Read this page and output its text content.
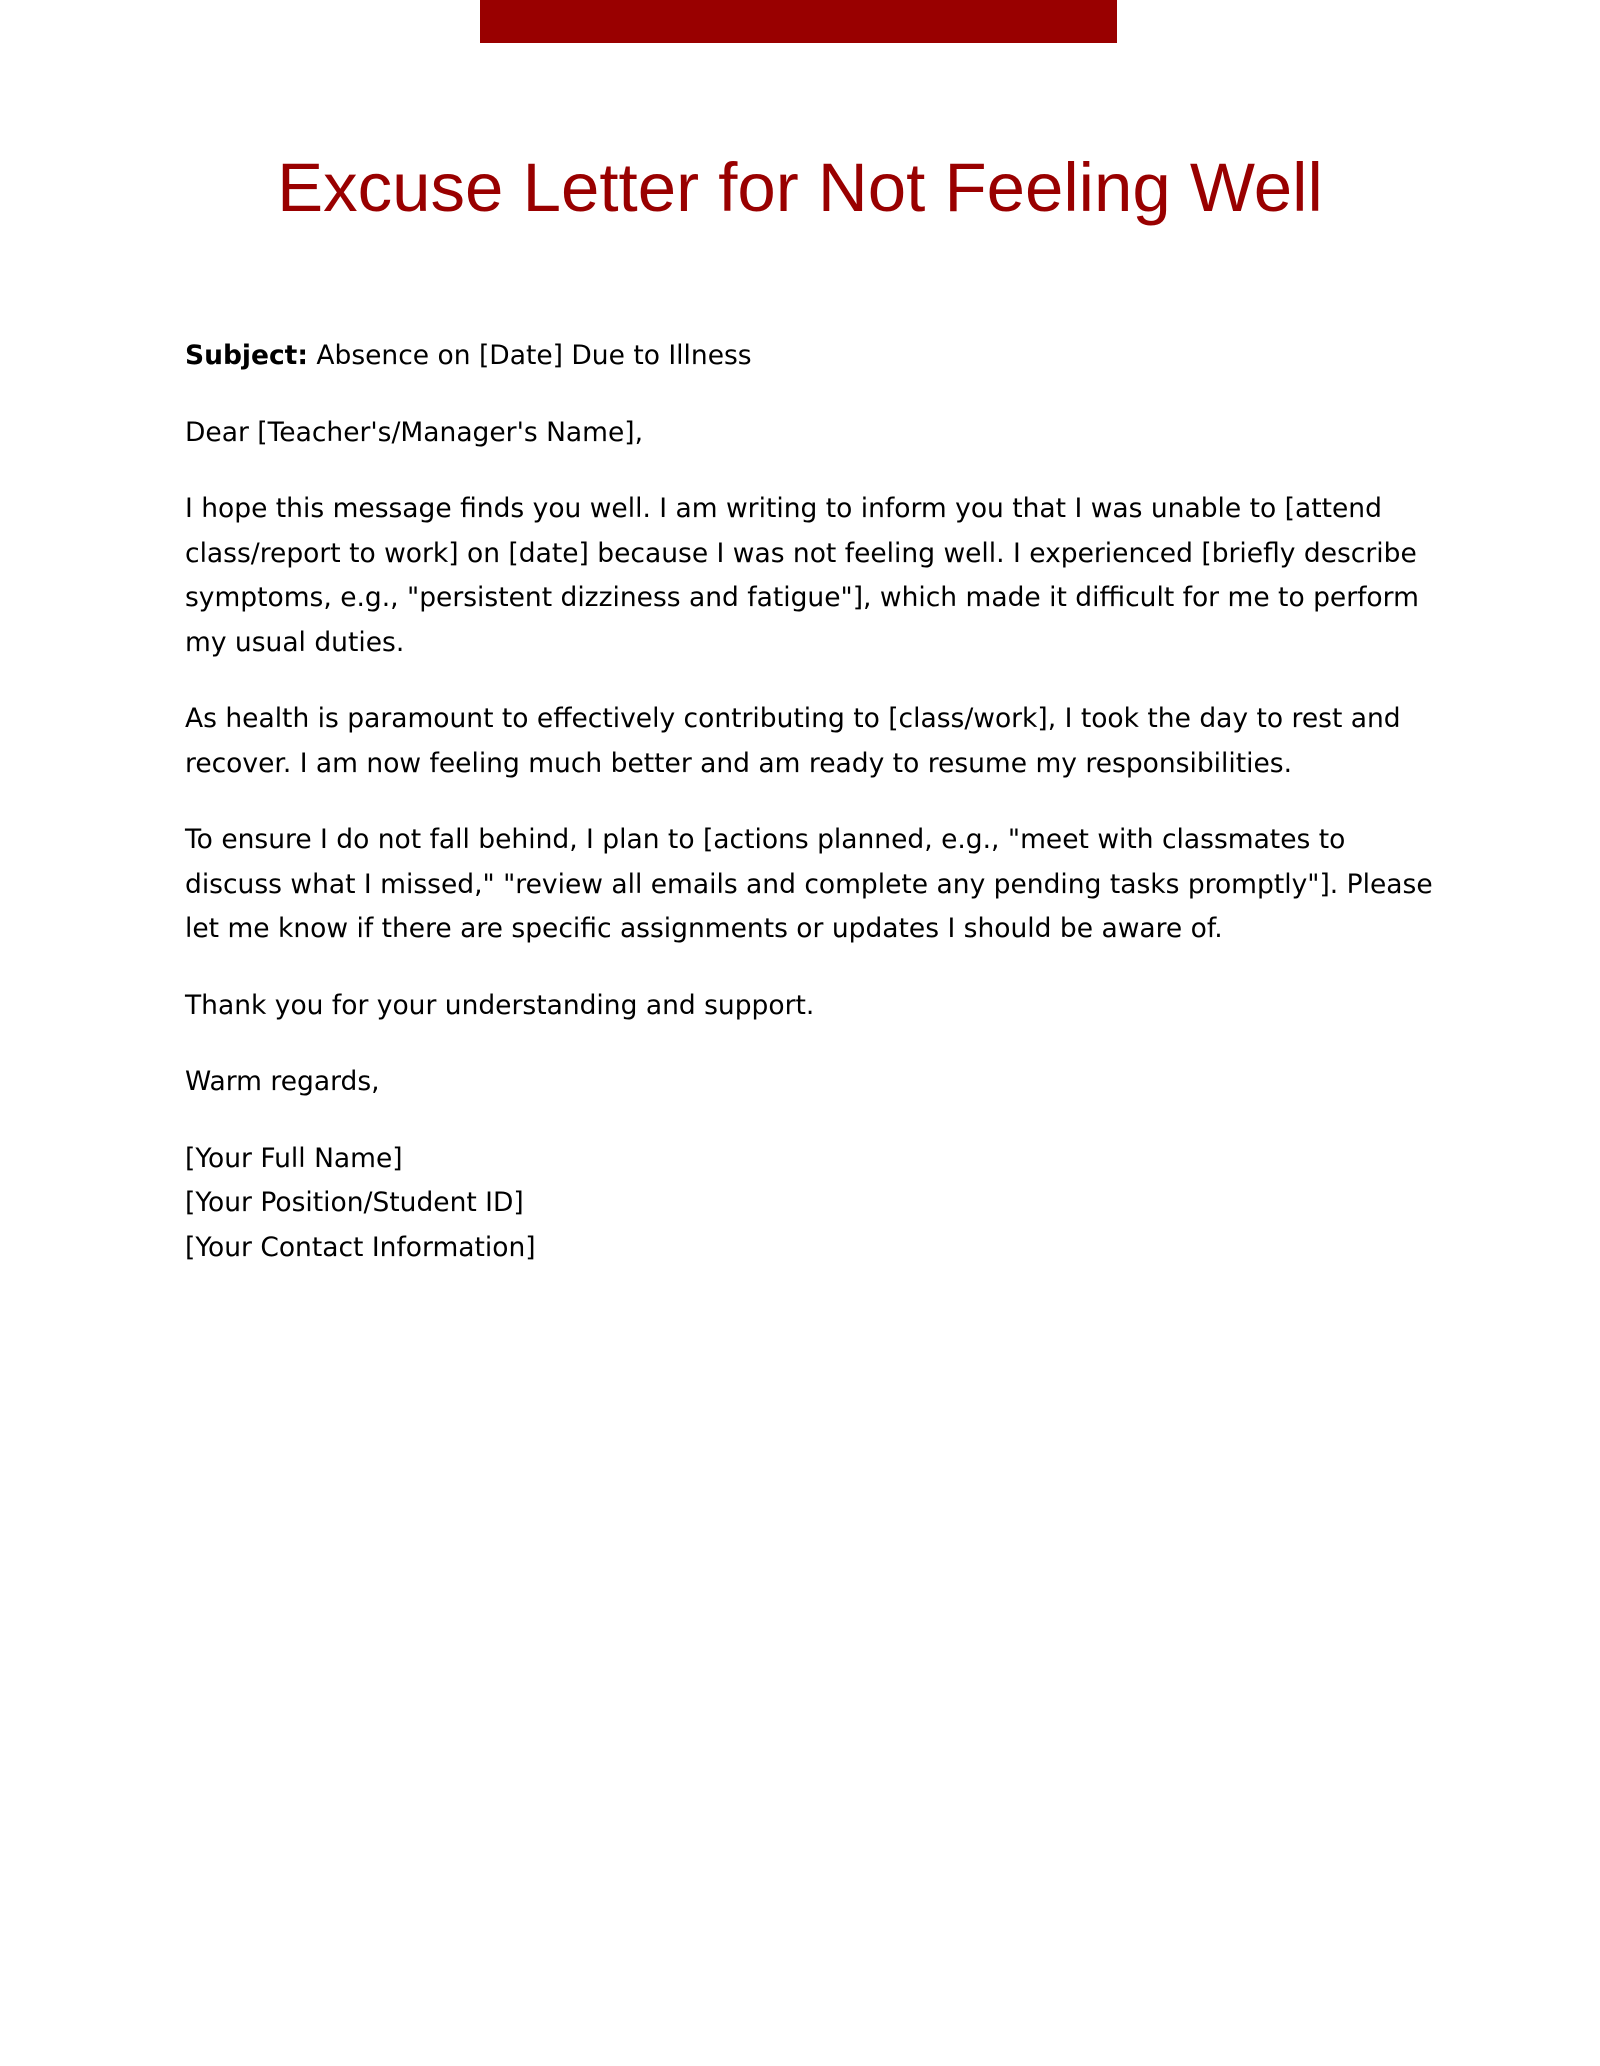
Excuse Letter for Not Feeling Well

Subject: Absence on [Date] Due to Illness

Dear [Teacher's/Manager's Name],

I hope this message finds you well. I am writing to inform you that I was unable to [attend class/report to work] on [date] because I was not feeling well. I experienced [briefly describe symptoms, e.g., "persistent dizziness and fatigue"], which made it difficult for me to perform my usual duties.

As health is paramount to effectively contributing to [class/work], I took the day to rest and recover. I am now feeling much better and am ready to resume my responsibilities.

To ensure I do not fall behind, I plan to [actions planned, e.g., "meet with classmates to discuss what I missed," "review all emails and complete any pending tasks promptly"]. Please let me know if there are specific assignments or updates I should be aware of.

Thank you for your understanding and support.

Warm regards,

[Your Full Name]
[Your Position/Student ID]
[Your Contact Information]
